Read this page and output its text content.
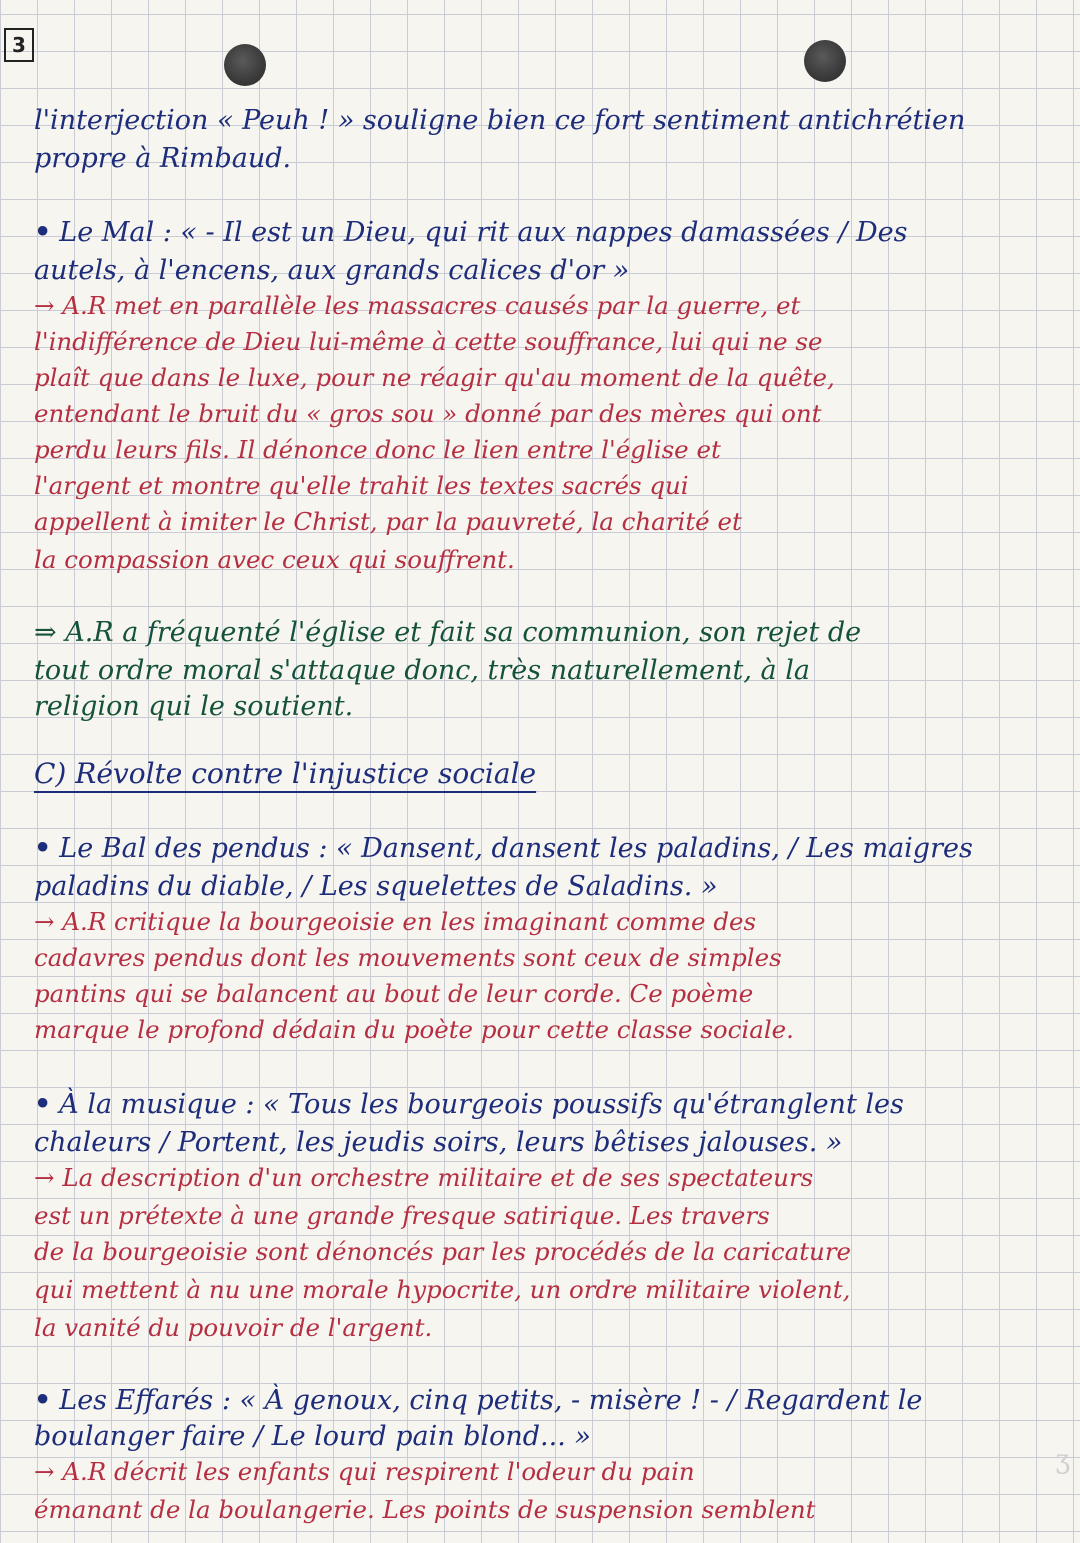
3
l'interjection « Peuh ! » souligne bien ce fort sentiment antichrétien
propre à Rimbaud.
• Le Mal : « - Il est un Dieu, qui rit aux nappes damassées / Des
autels, à l'encens, aux grands calices d'or »
→ A.R met en parallèle les massacres causés par la guerre, et
l'indifférence de Dieu lui-même à cette souffrance, lui qui ne se
plaît que dans le luxe, pour ne réagir qu'au moment de la quête,
entendant le bruit du « gros sou » donné par des mères qui ont
perdu leurs fils. Il dénonce donc le lien entre l'église et
l'argent et montre qu'elle trahit les textes sacrés qui
appellent à imiter le Christ, par la pauvreté, la charité et
la compassion avec ceux qui souffrent.
⇒ A.R a fréquenté l'église et fait sa communion, son rejet de
tout ordre moral s'attaque donc, très naturellement, à la
religion qui le soutient.
C) Révolte contre l'injustice sociale
• Le Bal des pendus : « Dansent, dansent les paladins, / Les maigres
paladins du diable, / Les squelettes de Saladins. »
→ A.R critique la bourgeoisie en les imaginant comme des
cadavres pendus dont les mouvements sont ceux de simples
pantins qui se balancent au bout de leur corde. Ce poème
marque le profond dédain du poète pour cette classe sociale.
• À la musique : « Tous les bourgeois poussifs qu'étranglent les
chaleurs / Portent, les jeudis soirs, leurs bêtises jalouses. »
→ La description d'un orchestre militaire et de ses spectateurs
est un prétexte à une grande fresque satirique. Les travers
de la bourgeoisie sont dénoncés par les procédés de la caricature
qui mettent à nu une morale hypocrite, un ordre militaire violent,
la vanité du pouvoir de l'argent.
• Les Effarés : « À genoux, cinq petits, - misère ! - / Regardent le
boulanger faire / Le lourd pain blond... »
→ A.R décrit les enfants qui respirent l'odeur du pain
émanant de la boulangerie. Les points de suspension semblent
ʒ
